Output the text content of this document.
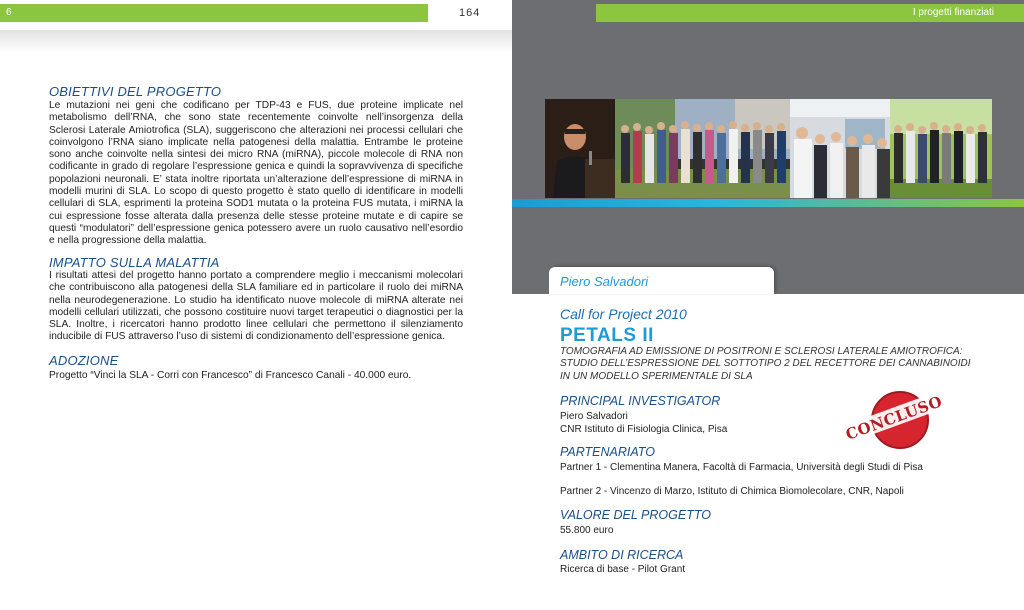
6	164
OBIETTIVI DEL PROGETTO
Le mutazioni nei geni che codificano per TDP-43 e FUS, due proteine implicate nel metabolismo dell’RNA, che sono state recentemente coinvolte nell’insorgenza della Sclerosi Laterale Amiotrofica (SLA), suggeriscono che alterazioni nei processi cellulari che coinvolgono l’RNA siano implicate nella patogenesi della malattia. Entrambe le proteine sono anche coinvolte nella sintesi dei micro RNA (miRNA), piccole molecole di RNA non codificante in grado di regolare l’espressione genica e quindi la sopravvivenza di specifiche popolazioni neuronali. E’ stata inoltre riportata un’alterazione dell’espressione di miRNA in modelli murini di SLA. Lo scopo di questo progetto è stato quello di identificare in modelli cellulari di SLA, esprimenti la proteina SOD1 mutata o la proteina FUS mutata, i miRNA la cui espressione fosse alterata dalla presenza delle stesse proteine mutate e di capire se questi “modulatori” dell’espressione genica potessero avere un ruolo causativo nell’esordio e nella progressione della malattia.
IMPATTO SULLA MALATTIA
I risultati attesi del progetto hanno portato a comprendere meglio i meccanismi molecolari che contribuiscono alla patogenesi della SLA familiare ed in particolare il ruolo dei miRNA nella neurodegenerazione. Lo studio ha identificato nuove molecole di miRNA alterate nei modelli cellulari utilizzati, che possono costituire nuovi target terapeutici o diagnostici per la SLA. Inoltre, i ricercatori hanno prodotto linee cellulari che permettono il silenziamento inducibile di FUS attraverso l’uso di sistemi di condizionamento dell’espressione genica.
ADOZIONE
Progetto “Vinci la SLA - Corri con Francesco” di Francesco Canali - 40.000 euro.
I progetti finanziati
Piero Salvadori
Call for Project 2010
PETALS II
TOMOGRAFIA AD EMISSIONE DI POSITRONI E SCLEROSI LATERALE AMIOTROFICA: STUDIO DELL’ESPRESSIONE DEL SOTTOTIPO 2 DEL RECETTORE DEI CANNABINOIDI IN UN MODELLO SPERIMENTALE DI SLA
PRINCIPAL INVESTIGATOR
Piero Salvadori
CNR Istituto di Fisiologia Clinica, Pisa
PARTENARIATO
Partner 1 - Clementina Manera, Facoltà di Farmacia, Università degli Studi di Pisa
Partner 2 - Vincenzo di Marzo, Istituto di Chimica Biomolecolare, CNR, Napoli
VALORE DEL PROGETTO
55.800 euro
AMBITO DI RICERCA
Ricerca di base - Pilot Grant
CONCLUSO
